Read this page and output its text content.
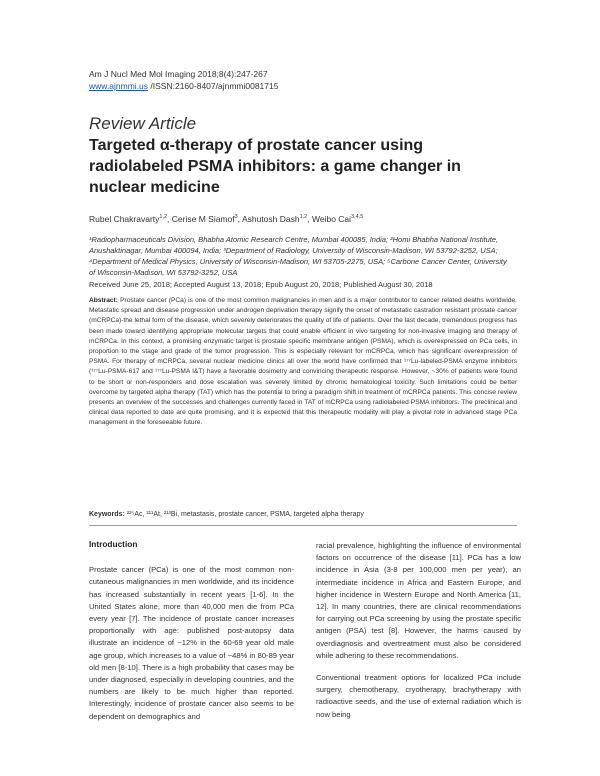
Am J Nucl Med Mol Imaging 2018;8(4):247-267
www.ajnmmi.us /ISSN:2160-8407/ajnmmi0081715
Review Article
Targeted α-therapy of prostate cancer using radiolabeled PSMA inhibitors: a game changer in nuclear medicine
Rubel Chakravarty$^{1,2}$, Cerise M Siamof$^3$, Ashutosh Dash$^{1,2}$, Weibo Cai$^{3,4,5}$
¹Radiopharmaceuticals Division, Bhabha Atomic Research Centre, Mumbai 400085, India; ²Homi Bhabha National Institute, Anushaktinagar, Mumbai 400094, India; ³Department of Radiology, University of Wisconsin-Madison, WI 53792-3252, USA; ⁴Department of Medical Physics, University of Wisconsin-Madison, WI 53705-2275, USA; ⁵Carbone Cancer Center, University of Wisconsin-Madison, WI 53792-3252, USA
Received June 25, 2018; Accepted August 13, 2018; Epub August 20, 2018; Published August 30, 2018
Abstract: Prostate cancer (PCa) is one of the most common malignancies in men and is a major contributor to cancer related deaths worldwide. Metastatic spread and disease progression under androgen deprivation therapy signify the onset of metastatic castration resistant prostate cancer (mCRPCa)-the lethal form of the disease, which severely deteriorates the quality of life of patients. Over the last decade, tremendous progress has been made toward identifying appropriate molecular targets that could enable efficient in vivo targeting for non-invasive imaging and therapy of mCRPCa. In this context, a promising enzymatic target is prostate specific membrane antigen (PSMA), which is overexpressed on PCa cells, in proportion to the stage and grade of the tumor progression. This is especially relevant for mCRPCa, which has significant overexpression of PSMA. For therapy of mCRPCa, several nuclear medicine clinics all over the world have confirmed that ¹⁷⁷Lu-labeled-PSMA enzyme inhibitors (¹⁷⁷Lu-PSMA-617 and ¹⁷⁷Lu-PSMA I&T) have a favorable dosimetry and convincing therapeutic response. However, ~30% of patients were found to be short or non-responders and dose escalation was severely limited by chronic hematological toxicity. Such limitations could be better overcome by targeted alpha therapy (TAT) which has the potential to bring a paradigm shift in treatment of mCRPCa patients. This concise review presents an overview of the successes and challenges currently faced in TAT of mCRPCa using radiolabeled PSMA inhibitors. The preclinical and clinical data reported to date are quite promising, and it is expected that this therapeutic modality will play a pivotal role in advanced stage PCa management in the foreseeable future.
Keywords: ²²⁵Ac, ²¹¹At, ²¹³Bi, metastasis, prostate cancer, PSMA, targeted alpha therapy
Introduction

Prostate cancer (PCa) is one of the most common non-cutaneous malignancies in men worldwide, and its incidence has increased substantially in recent years [1-6]. In the United States alone, more than 40,000 men die from PCa every year [7]. The incidence of prostate cancer increases proportionally with age: published post-autopsy data illustrate an incidence of ~12% in the 60-69 year old male age group, which increases to a value of ~48% in 80-89 year old men [8-10]. There is a high probability that cases may be under diagnosed, especially in developing countries, and the numbers are likely to be much higher than reported. Interestingly, incidence of prostate cancer also seems to be dependent on demographics and

racial prevalence, highlighting the influence of environmental factors on occurrence of the disease [11]. PCa has a low incidence in Asia (3-8 per 100,000 men per year), an intermediate incidence in Africa and Eastern Europe, and higher incidence in Western Europe and North America [11, 12]. In many countries, there are clinical recommendations for carrying out PCa screening by using the prostate specific antigen (PSA) test [8]. However, the harms caused by overdiagnosis and overtreatment must also be considered while adhering to these recommendations.

Conventional treatment options for localized PCa include surgery, chemotherapy, cryotherapy, brachytherapy with radioactive seeds, and the use of external radiation which is now being
